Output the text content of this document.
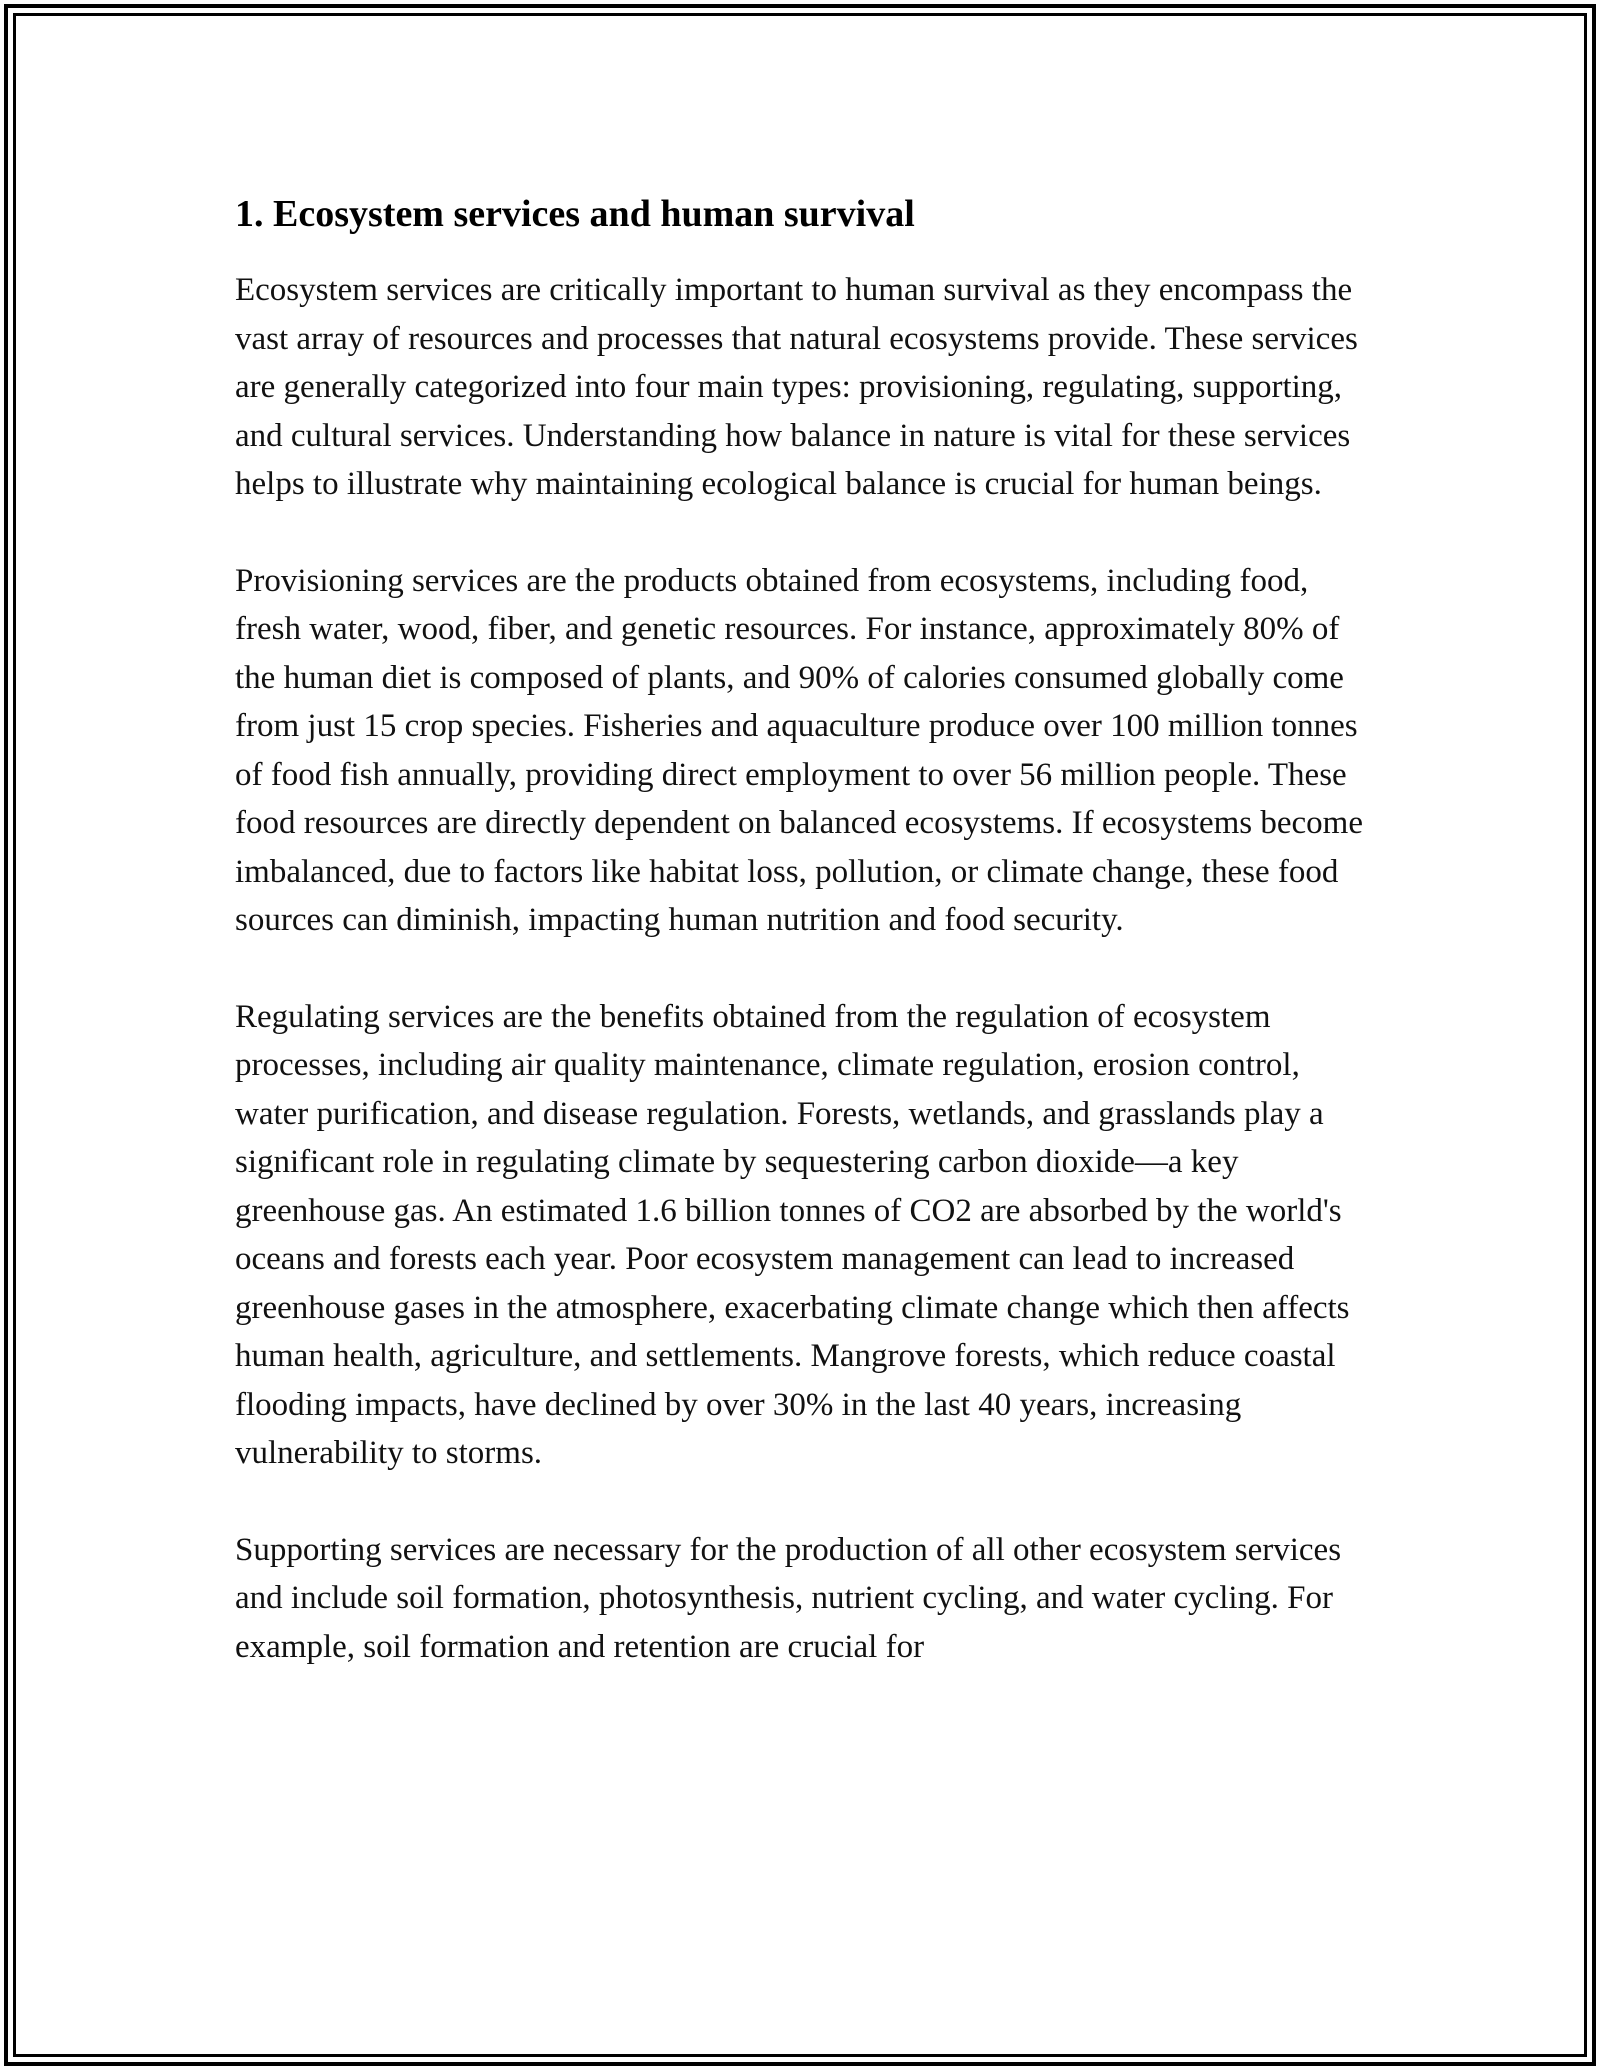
1. Ecosystem services and human survival

Ecosystem services are critically important to human survival as they encompass the vast array of resources and processes that natural ecosystems provide. These services are generally categorized into four main types: provisioning, regulating, supporting, and cultural services. Understanding how balance in nature is vital for these services helps to illustrate why maintaining ecological balance is crucial for human beings.

Provisioning services are the products obtained from ecosystems, including food, fresh water, wood, fiber, and genetic resources. For instance, approximately 80% of the human diet is composed of plants, and 90% of calories consumed globally come from just 15 crop species. Fisheries and aquaculture produce over 100 million tonnes of food fish annually, providing direct employment to over 56 million people. These food resources are directly dependent on balanced ecosystems. If ecosystems become imbalanced, due to factors like habitat loss, pollution, or climate change, these food sources can diminish, impacting human nutrition and food security.

Regulating services are the benefits obtained from the regulation of ecosystem processes, including air quality maintenance, climate regulation, erosion control, water purification, and disease regulation. Forests, wetlands, and grasslands play a significant role in regulating climate by sequestering carbon dioxide—a key greenhouse gas. An estimated 1.6 billion tonnes of CO2 are absorbed by the world's oceans and forests each year. Poor ecosystem management can lead to increased greenhouse gases in the atmosphere, exacerbating climate change which then affects human health, agriculture, and settlements. Mangrove forests, which reduce coastal flooding impacts, have declined by over 30% in the last 40 years, increasing vulnerability to storms.

Supporting services are necessary for the production of all other ecosystem services and include soil formation, photosynthesis, nutrient cycling, and water cycling. For example, soil formation and retention are crucial for
